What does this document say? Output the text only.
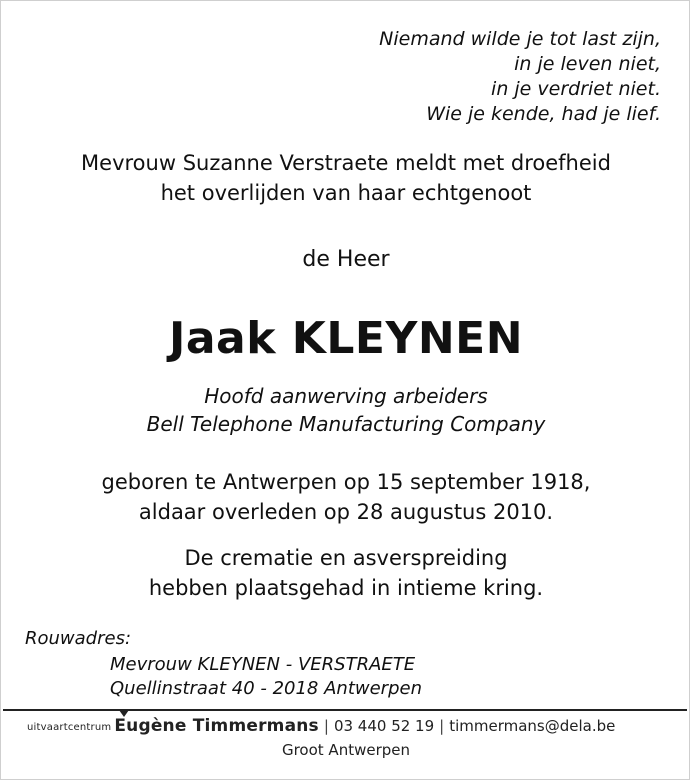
Niemand wilde je tot last zijn,
in je leven niet,
in je verdriet niet.
Wie je kende, had je lief.
Mevrouw Suzanne Verstraete meldt met droefheid
het overlijden van haar echtgenoot
de Heer
Jaak KLEYNEN
Hoofd aanwerving arbeiders
Bell Telephone Manufacturing Company
geboren te Antwerpen op 15 september 1918,
aldaar overleden op 28 augustus 2010.
De crematie en asverspreiding
hebben plaatsgehad in intieme kring.
Rouwadres:
Mevrouw KLEYNEN - VERSTRAETE
Quellinstraat 40 - 2018 Antwerpen
uitvaartcentrum Eugène Timmermans | 03 440 52 19 | timmermans@dela.be
Groot Antwerpen
